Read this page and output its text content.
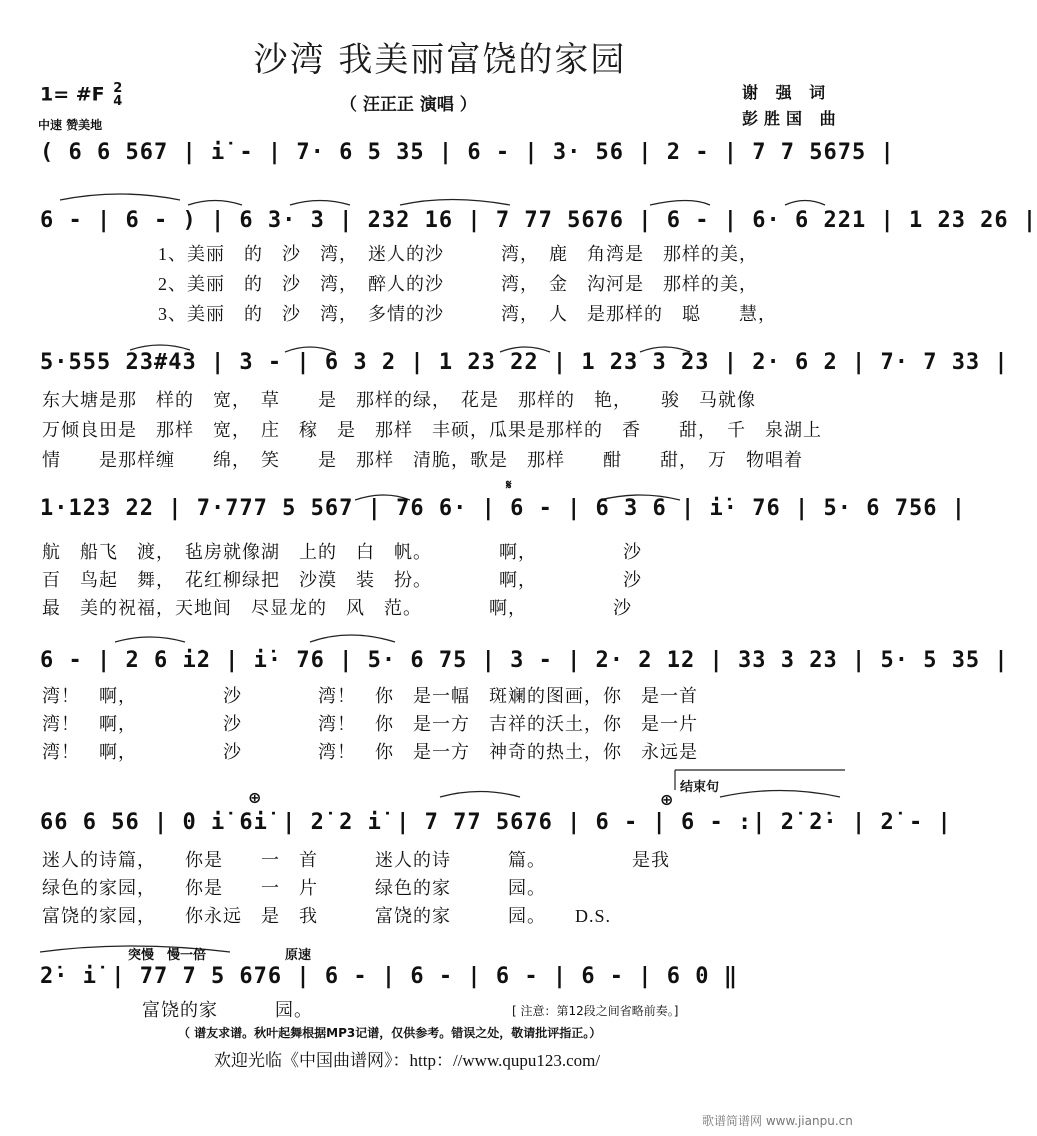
沙湾 我美丽富饶的家园
（ 汪正正 演唱 ）
1= #F 2
4
中速 赞美地
谢 强 词
彭胜国 曲
( 6 6 567 | i̇ - | 7· 6 5 35 | 6 - | 3· 56 | 2 - | 7 7 5675 |
6 - | 6 - ) | 6 3· 3 | 232 16 | 7 77 5676 | 6 - | 6· 6 221 | 1 23 26 |
1、美丽　的　沙　湾，　迷人的沙　　　湾，　鹿　角湾是　那样的美，
2、美丽　的　沙　湾，　醉人的沙　　　湾，　金　沟河是　那样的美，
3、美丽　的　沙　湾，　多情的沙　　　湾，　人　是那样的　聪　　慧，
5·555 23#43 | 3 - | 6 3 2 | 1 23 22 | 1 23 3 23 | 2· 6 2 | 7· 7 33 |
东大塘是那　样的　宽，　草　　是　那样的绿，　花是　那样的　艳，　　骏　马就像
万倾良田是　那样　宽，　庄　稼　是　那样　丰硕，瓜果是那样的　香　　甜，　千　泉湖上
情　　是那样缠　　绵，　笑　　是　那样　清脆，歌是　那样　　酣　　甜，　万　物唱着
𝄋
1·123 22 | 7·777 5 567 | 76 6· | 6 - | 6 3 6 | i̇· 76 | 5· 6 756 |
航　船飞　渡，　毡房就像湖　上的　白　帆。　　　　啊，　　　　　沙
百　鸟起　舞，　花红柳绿把　沙漠　装　扮。　　　　啊，　　　　　沙
最　美的祝福，天地间　尽显龙的　风　范。　　　　啊，　　　　　沙
6 - | 2 6 i̇2 | i̇· 76 | 5· 6 75 | 3 - | 2· 2 12 | 33 3 23 | 5· 5 35 |
湾！　啊，　　　　　沙　　　　湾！　你　是一幅　斑斓的图画，你　是一首
湾！　啊，　　　　　沙　　　　湾！　你　是一方　吉祥的沃土，你　是一片
湾！　啊，　　　　　沙　　　　湾！　你　是一方　神奇的热土，你　永远是
结束句
⊕	⊕
66 6 56 | 0 i̇ 6i̇ | 2̇ 2 i̇ | 7 77 5676 | 6 - | 6 - :| 2̇ 2̇· | 2̇ - |
迷人的诗篇，　　你是　　一　首　　　迷人的诗　　　篇。　　　　　是我
绿色的家园，　　你是　　一　片　　　绿色的家　　　园。
富饶的家园，　　你永远　是　我　　　富饶的家　　　园。　　D.S.
突慢　慢一倍	原速
2̇· i̇ | 77 7 5 676 | 6 - | 6 - | 6 - | 6 - | 6 0 ‖
富饶的家　　　园。	[ 注意：第12段之间省略前奏。]
（ 谱友求谱。秋叶起舞根据MP3记谱，仅供参考。错误之处，敬请批评指正。）
欢迎光临《中国曲谱网》：http：//www.qupu123.com/
歌谱简谱网 www.jianpu.cn
